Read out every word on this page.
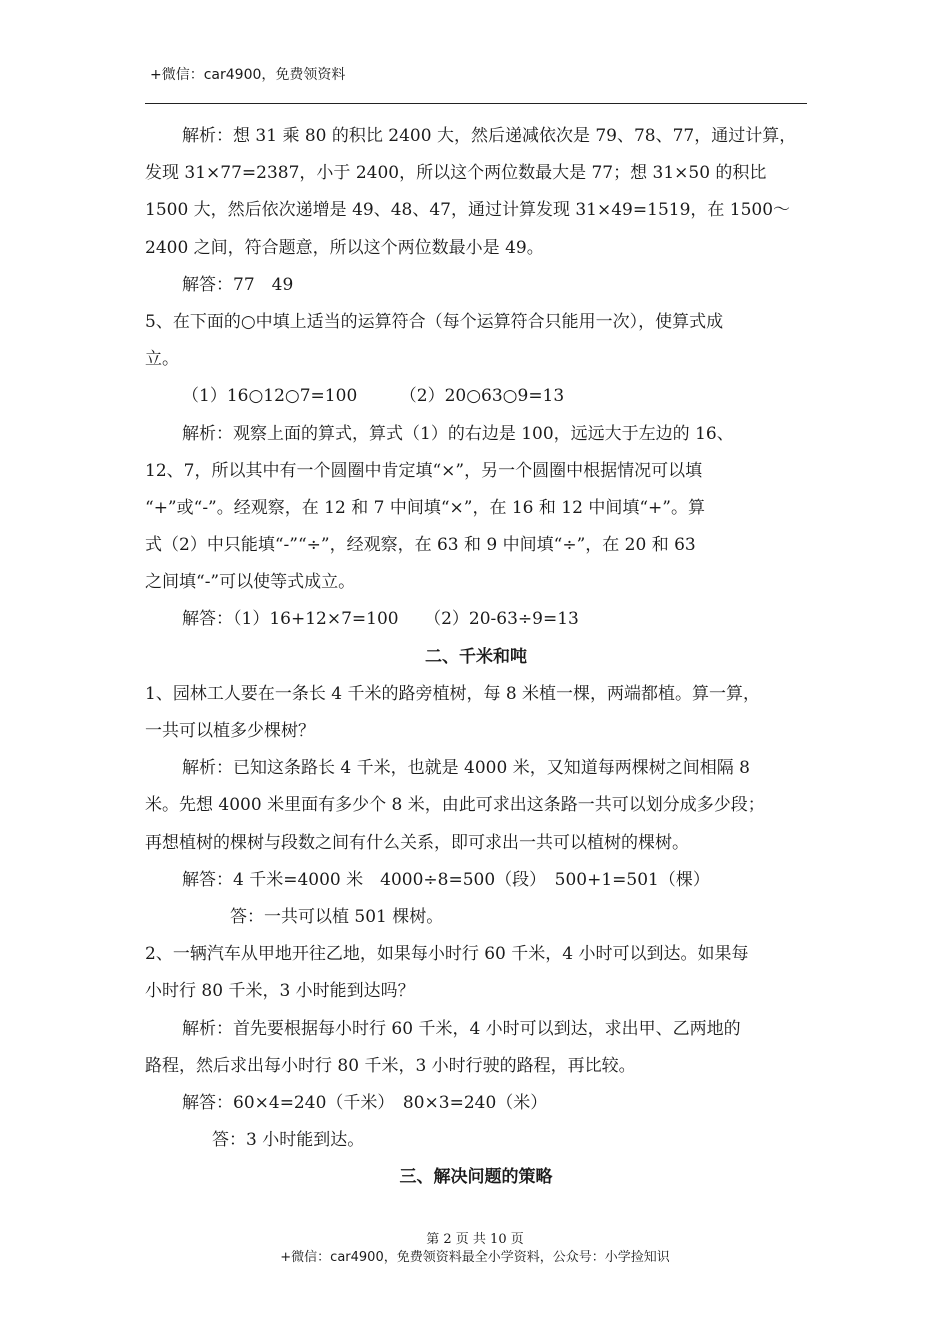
+微信：car4900，免费领资料
解析：想 31 乘 80 的积比 2400 大，然后递减依次是 79、78、77，通过计算，
发现 31×77=2387，小于 2400，所以这个两位数最大是 77；想 31×50 的积比
1500 大，然后依次递增是 49、48、47，通过计算发现 31×49=1519，在 1500～
2400 之间，符合题意，所以这个两位数最小是 49。
解答：77　49
5、在下面的○中填上适当的运算符合（每个运算符合只能用一次），使算式成
立。
（1）16○12○7=100　　　（2）20○63○9=13
解析：观察上面的算式，算式（1）的右边是 100，远远大于左边的 16、
12、7，所以其中有一个圆圈中肯定填“×”，另一个圆圈中根据情况可以填
“+”或“-”。经观察，在 12 和 7 中间填“×”，在 16 和 12 中间填“+”。算
式（2）中只能填“-”“÷”，经观察，在 63 和 9 中间填“÷”，在 20 和 63
之间填“-”可以使等式成立。
解答：（1）16+12×7=100　　（2）20-63÷9=13
二、千米和吨
1、园林工人要在一条长 4 千米的路旁植树，每 8 米植一棵，两端都植。算一算，
一共可以植多少棵树？
解析：已知这条路长 4 千米，也就是 4000 米，又知道每两棵树之间相隔 8
米。先想 4000 米里面有多少个 8 米，由此可求出这条路一共可以划分成多少段；
再想植树的棵树与段数之间有什么关系，即可求出一共可以植树的棵树。
解答：4 千米=4000 米　4000÷8=500（段）　500+1=501（棵）
答：一共可以植 501 棵树。
2、一辆汽车从甲地开往乙地，如果每小时行 60 千米，4 小时可以到达。如果每
小时行 80 千米，3 小时能到达吗？
解析：首先要根据每小时行 60 千米，4 小时可以到达，求出甲、乙两地的
路程，然后求出每小时行 80 千米，3 小时行驶的路程，再比较。
解答：60×4=240（千米）　80×3=240（米）
答：3 小时能到达。
三、解决问题的策略
第 2 页 共 10 页
+微信：car4900，免费领资料最全小学资料，公众号：小学捡知识
